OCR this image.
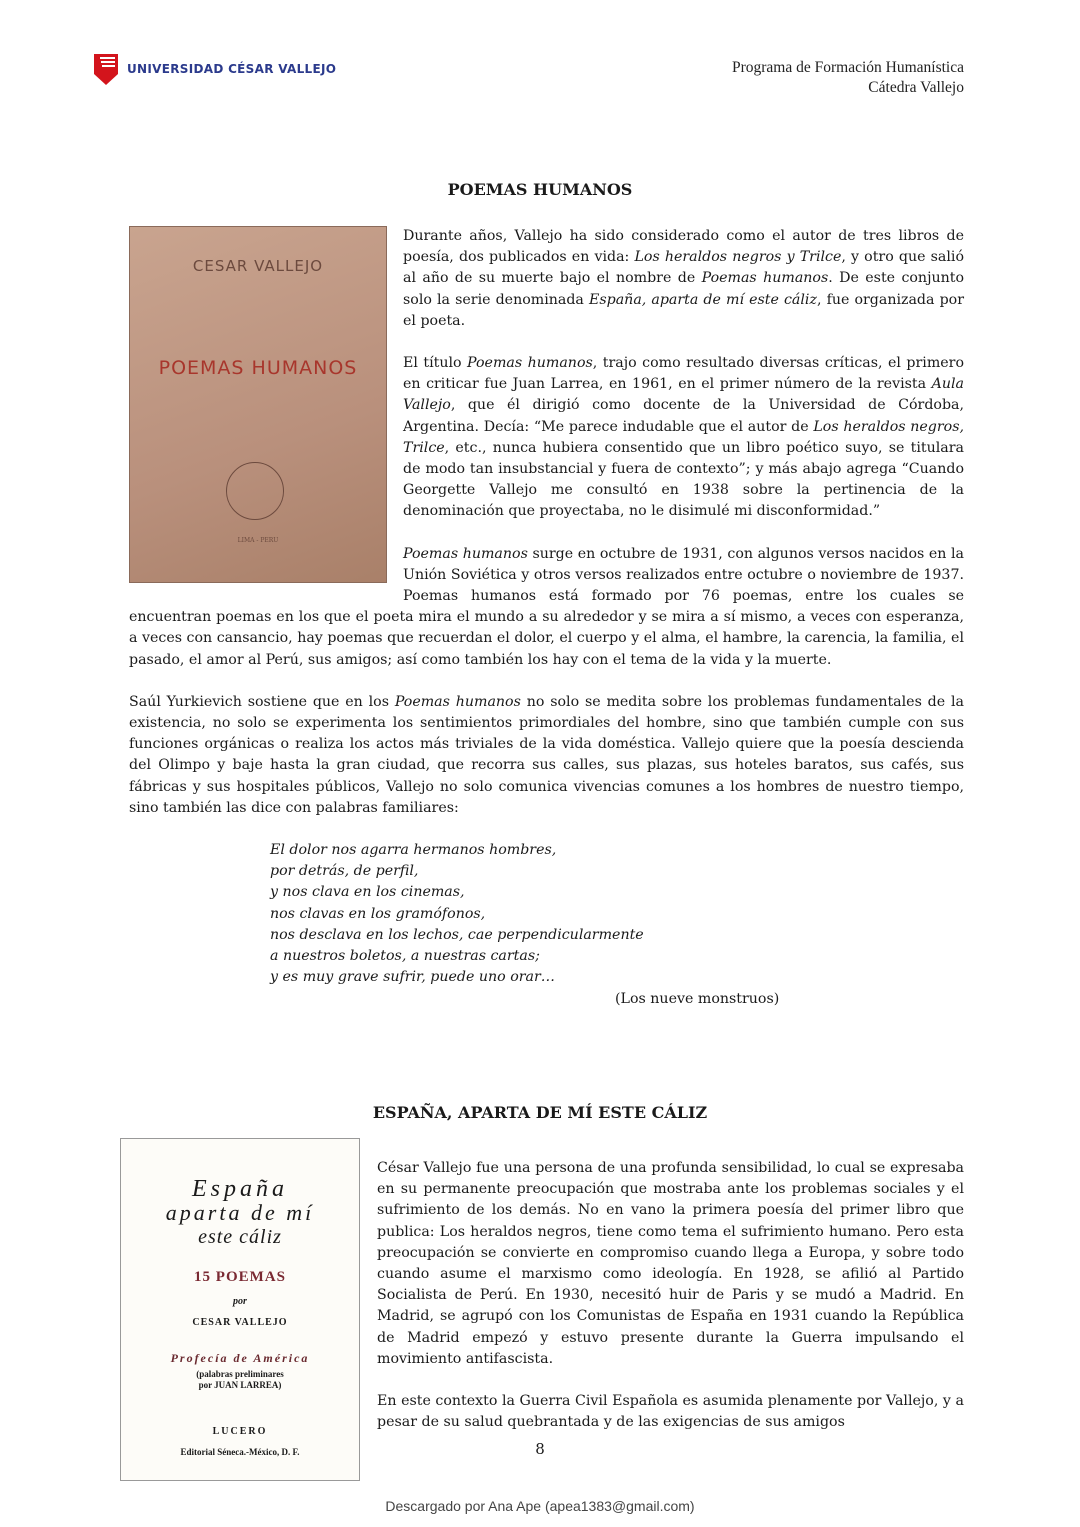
UNIVERSIDAD CÉSAR VALLEJO	Programa de Formación Humanística
Cátedra Vallejo
POEMAS HUMANOS
CESAR VALLEJO
POEMAS HUMANOS
LIMA - PERU

Durante años, Vallejo ha sido considerado como el autor de tres libros de poesía, dos publicados en vida: Los heraldos negros y Trilce, y otro que salió al año de su muerte bajo el nombre de Poemas humanos. De este conjunto solo la serie denominada España, aparta de mí este cáliz, fue organizada por el poeta.

El título Poemas humanos, trajo como resultado diversas críticas, el primero en criticar fue Juan Larrea, en 1961, en el primer número de la revista Aula Vallejo, que él dirigió como docente de la Universidad de Córdoba, Argentina. Decía: “Me parece indudable que el autor de Los heraldos negros, Trilce, etc., nunca hubiera consentido que un libro poético suyo, se titulara de modo tan insubstancial y fuera de contexto”; y más abajo agrega “Cuando Georgette Vallejo me consultó en 1938 sobre la pertinencia de la denominación que proyectaba, no le disimulé mi disconformidad.”

Poemas humanos surge en octubre de 1931, con algunos versos nacidos en la Unión Soviética y otros versos realizados entre octubre o noviembre de 1937. Poemas humanos está formado por 76 poemas, entre los cuales se encuentran poemas en los que el poeta mira el mundo a su alrededor y se mira a sí mismo, a veces con esperanza, a veces con cansancio, hay poemas que recuerdan el dolor, el cuerpo y el alma, el hambre, la carencia, la familia, el pasado, el amor al Perú, sus amigos; así como también los hay con el tema de la vida y la muerte.

Saúl Yurkievich sostiene que en los Poemas humanos no solo se medita sobre los problemas fundamentales de la existencia, no solo se experimenta los sentimientos primordiales del hombre, sino que también cumple con sus funciones orgánicas o realiza los actos más triviales de la vida doméstica. Vallejo quiere que la poesía descienda del Olimpo y baje hasta la gran ciudad, que recorra sus calles, sus plazas, sus hoteles baratos, sus cafés, sus fábricas y sus hospitales públicos, Vallejo no solo comunica vivencias comunes a los hombres de nuestro tiempo, sino también las dice con palabras familiares:

El dolor nos agarra hermanos hombres,
por detrás, de perfil,
y nos clava en los cinemas,
nos clavas en los gramófonos,
nos desclava en los lechos, cae perpendicularmente
a nuestros boletos, a nuestras cartas;
y es muy grave sufrir, puede uno orar…
(Los nueve monstruos)
ESPAÑA, APARTA DE MÍ ESTE CÁLIZ
España
aparta de mí
este cáliz
15 POEMAS
por
CESAR VALLEJO
Profecía de América
(palabras preliminares
por JUAN LARREA)
LUCERO
Editorial Séneca.-México, D. F.

César Vallejo fue una persona de una profunda sensibilidad, lo cual se expresaba en su permanente preocupación que mostraba ante los problemas sociales y el sufrimiento de los demás. No en vano la primera poesía del primer libro que publica: Los heraldos negros, tiene como tema el sufrimiento humano. Pero esta preocupación se convierte en compromiso cuando llega a Europa, y sobre todo cuando asume el marxismo como ideología. En 1928, se afilió al Partido Socialista de Perú. En 1930, necesitó huir de Paris y se mudó a Madrid. En Madrid, se agrupó con los Comunistas de España en 1931 cuando la República de Madrid empezó y estuvo presente durante la Guerra impulsando el movimiento antifascista.

En este contexto la Guerra Civil Española es asumida plenamente por Vallejo, y a pesar de su salud quebrantada y de las exigencias de sus amigos

8
Descargado por Ana Ape (apea1383@gmail.com)
